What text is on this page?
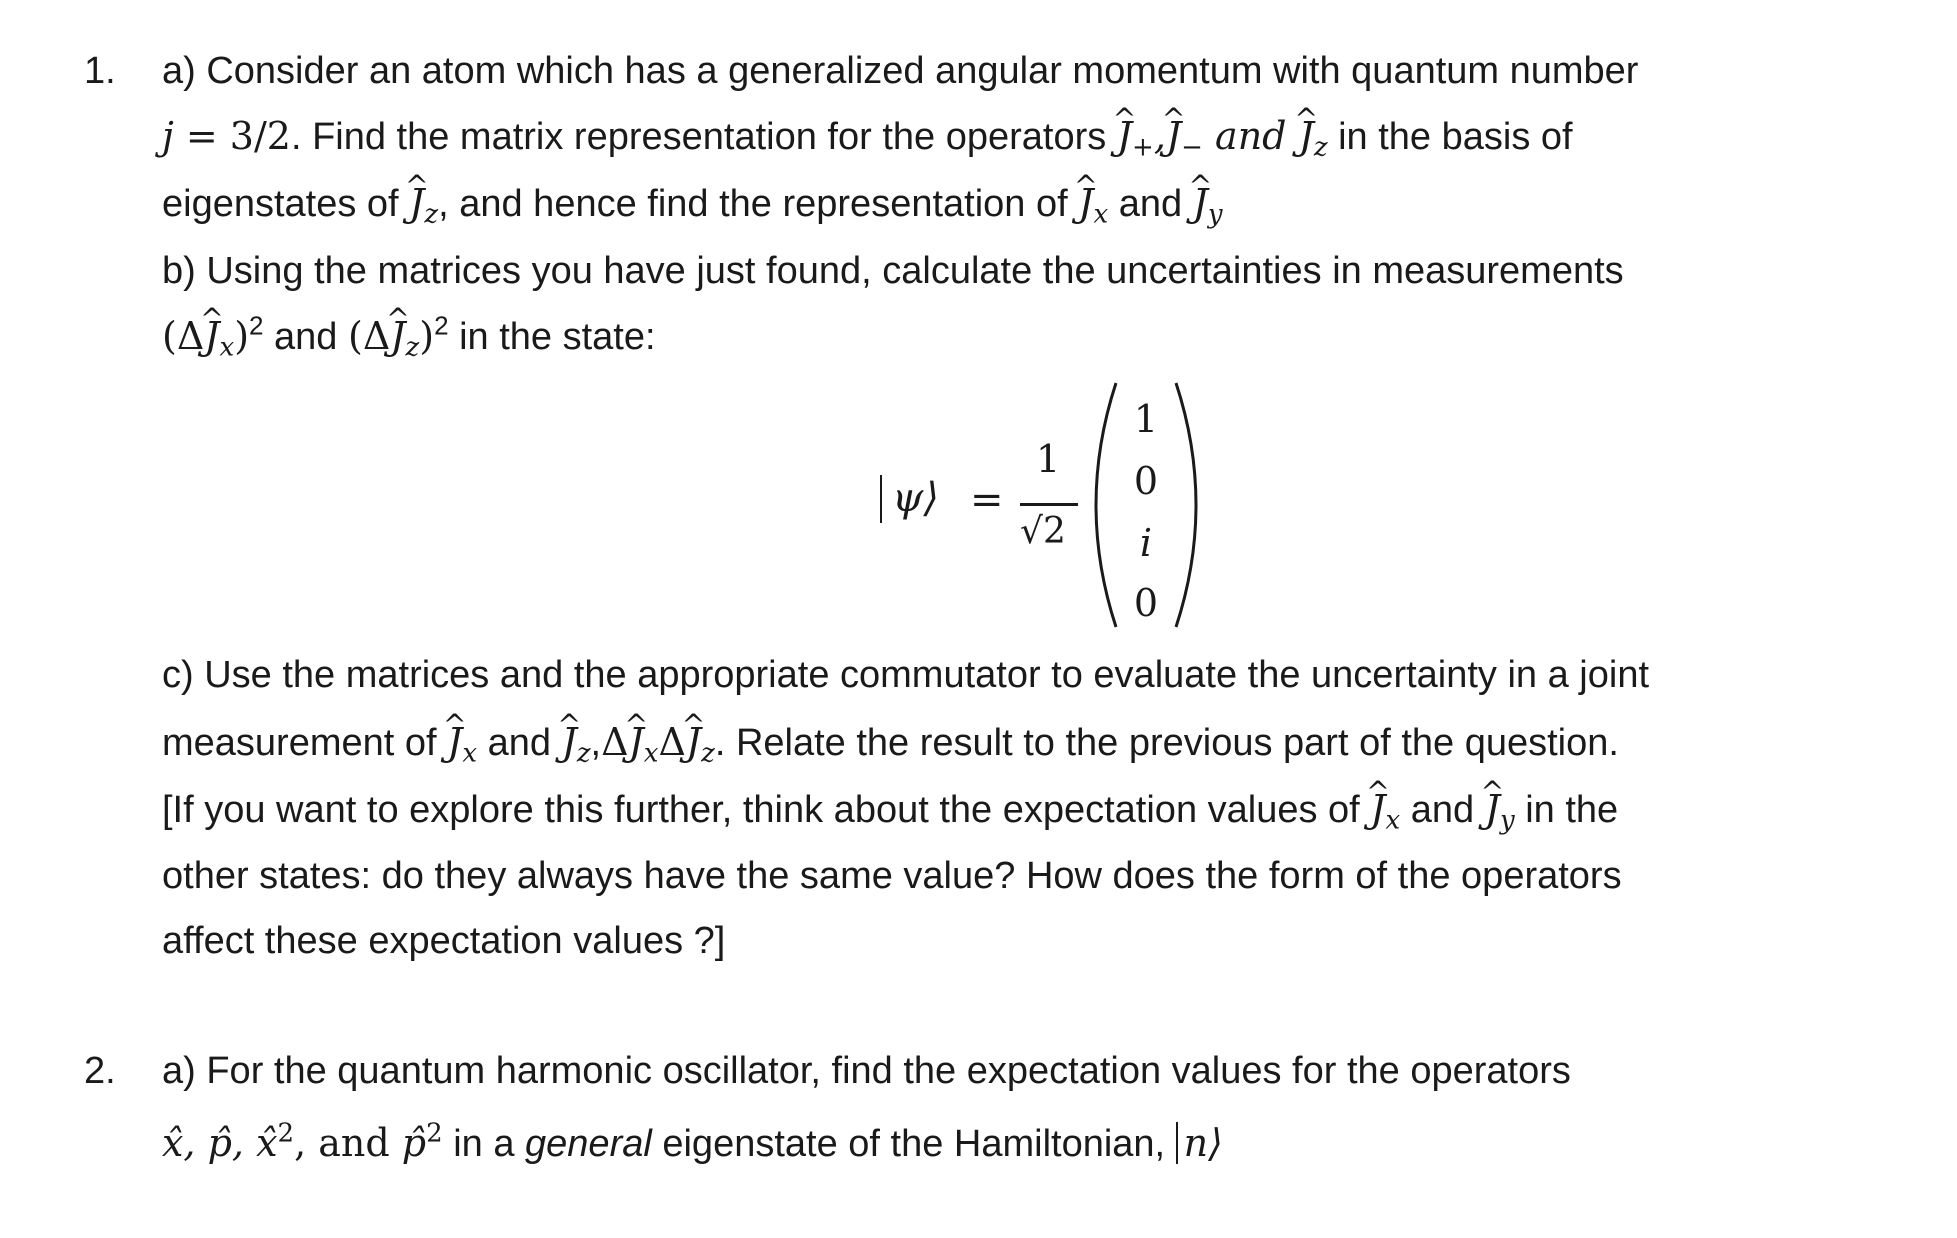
1. a) Consider an atom which has a generalized angular momentum with quantum number
j = 3/2. Find the matrix representation for the operators ^ $J_+,\^{}$ $J_-$ and ^ $J_z$ in the basis of
eigenstates of ^ $J_z$, and hence find the representation of ^ $J_x$ and ^ $J_y$
b) Using the matrices you have just found, calculate the uncertainties in measurements
(Δ^ $J_x)^2$ and (Δ^ $J_z)^2$ in the state:
ψ⟩ =
1
√2
1
0
i
0
c) Use the matrices and the appropriate commutator to evaluate the uncertainty in a joint
measurement of ^ $J_x$ and ^ $J_z,\Delta\^{}$ $J_x\Delta\^{}$ $J_z$. Relate the result to the previous part of the question.
[If you want to explore this further, think about the expectation values of ^ $J_x$ and ^ $J_y$ in the
other states: do they always have the same value? How does the form of the operators
affect these expectation values ?]
2. a) For the quantum harmonic oscillator, find the expectation values for the operators
x̂, p̂, x̂$^2$, and p̂$^2$ in a general eigenstate of the Hamiltonian, n⟩
